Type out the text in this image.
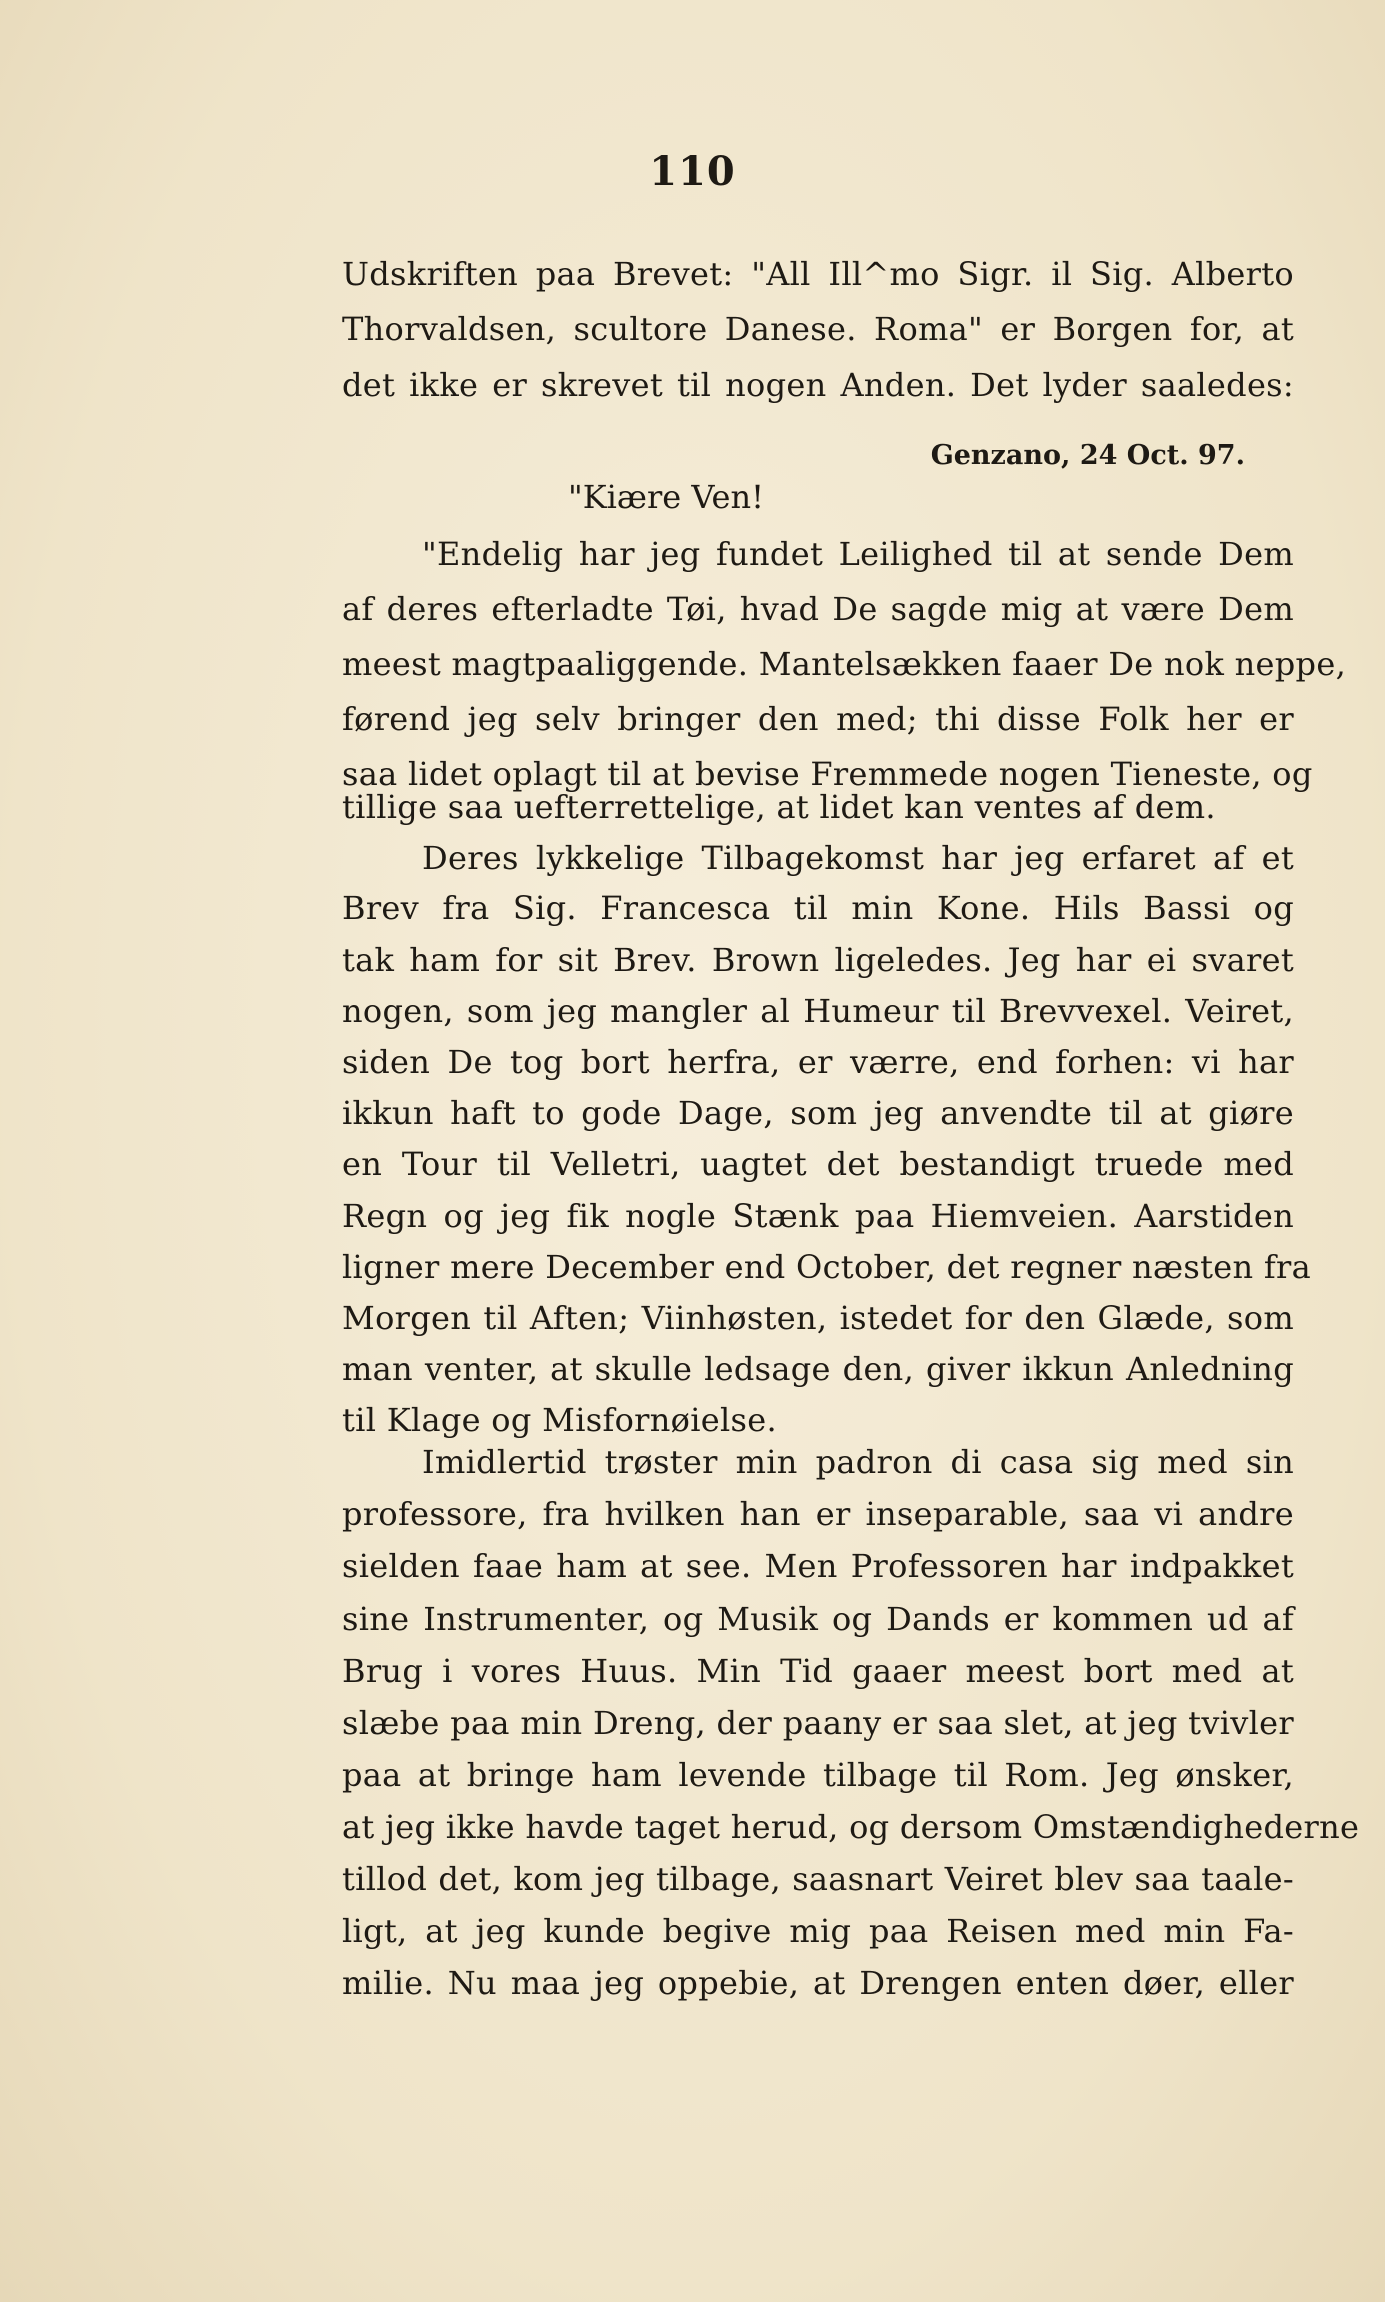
110
Udskriften paa Brevet: "All Ill^mo Sigr. il Sig. Alberto
Thorvaldsen, scultore Danese. Roma" er Borgen for, at
det ikke er skrevet til nogen Anden. Det lyder saaledes:
Genzano, 24 Oct. 97.
"Kiære Ven!
"Endelig har jeg fundet Leilighed til at sende Dem
af deres efterladte Tøi, hvad De sagde mig at være Dem
meest magtpaaliggende. Mantelsækken faaer De nok neppe,
førend jeg selv bringer den med; thi disse Folk her er
saa lidet oplagt til at bevise Fremmede nogen Tieneste, og
tillige saa uefterrettelige, at lidet kan ventes af dem.
Deres lykkelige Tilbagekomst har jeg erfaret af et
Brev fra Sig. Francesca til min Kone. Hils Bassi og
tak ham for sit Brev. Brown ligeledes. Jeg har ei svaret
nogen, som jeg mangler al Humeur til Brevvexel. Veiret,
siden De tog bort herfra, er værre, end forhen: vi har
ikkun haft to gode Dage, som jeg anvendte til at giøre
en Tour til Velletri, uagtet det bestandigt truede med
Regn og jeg fik nogle Stænk paa Hiemveien. Aarstiden
ligner mere December end October, det regner næsten fra
Morgen til Aften; Viinhøsten, istedet for den Glæde, som
man venter, at skulle ledsage den, giver ikkun Anledning
til Klage og Misfornøielse.
Imidlertid trøster min padron di casa sig med sin
professore, fra hvilken han er inseparable, saa vi andre
sielden faae ham at see. Men Professoren har indpakket
sine Instrumenter, og Musik og Dands er kommen ud af
Brug i vores Huus. Min Tid gaaer meest bort med at
slæbe paa min Dreng, der paany er saa slet, at jeg tvivler
paa at bringe ham levende tilbage til Rom. Jeg ønsker,
at jeg ikke havde taget herud, og dersom Omstændighederne
tillod det, kom jeg tilbage, saasnart Veiret blev saa taale-
ligt, at jeg kunde begive mig paa Reisen med min Fa-
milie. Nu maa jeg oppebie, at Drengen enten døer, eller
